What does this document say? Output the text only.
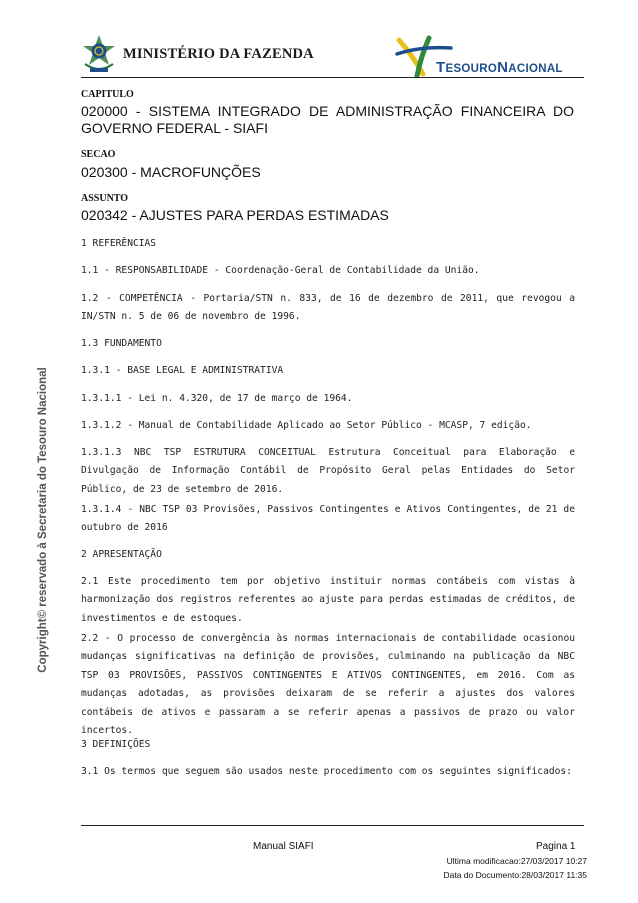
MINISTÉRIO DA FAZENDA
TESOURONACIONAL
Copyright© reservado à Secretaria do Tesouro Nacional
CAPITULO
020000 - SISTEMA INTEGRADO DE ADMINISTRAÇÃO FINANCEIRA DO
GOVERNO FEDERAL - SIAFI
SECAO
020300 - MACROFUNÇÕES
ASSUNTO
020342 - AJUSTES PARA PERDAS ESTIMADAS
1 REFERÊNCIAS
1.1 - RESPONSABILIDADE - Coordenação-Geral de Contabilidade da União.
1.2 - COMPETÊNCIA - Portaria/STN n. 833, de 16 de dezembro de 2011, que revogou a IN/STN n. 5 de 06 de novembro de 1996.
1.3 FUNDAMENTO
1.3.1 - BASE LEGAL E ADMINISTRATIVA
1.3.1.1 - Lei n. 4.320, de 17 de março de 1964.
1.3.1.2 - Manual de Contabilidade Aplicado ao Setor Público - MCASP, 7 edição.
1.3.1.3 NBC TSP ESTRUTURA CONCEITUAL Estrutura Conceitual para Elaboração e Divulgação de Informação Contábil de Propósito Geral pelas Entidades do Setor Público, de 23 de setembro de 2016.
1.3.1.4 - NBC TSP 03 Provisões, Passivos Contingentes e Ativos Contingentes, de 21 de outubro de 2016
2 APRESENTAÇÃO
2.1 Este procedimento tem por objetivo instituir normas contábeis com vistas à harmonização dos registros referentes ao ajuste para perdas estimadas de créditos, de investimentos e de estoques.
2.2 - O processo de convergência às normas internacionais de contabilidade ocasionou mudanças significativas na definição de provisões, culminando na publicação da NBC TSP 03 PROVISÕES, PASSIVOS CONTINGENTES E ATIVOS CONTINGENTES, em 2016. Com as mudanças adotadas, as provisões deixaram de se referir a ajustes dos valores contábeis de ativos e passaram a se referir apenas a passivos de prazo ou valor incertos.
3 DEFINIÇÕES
3.1 Os termos que seguem são usados neste procedimento com os seguintes significados:
Manual SIAFI	Pagina 1
Ultima modificacao:27/03/2017 10:27
Data do Documento:28/03/2017 11:35
